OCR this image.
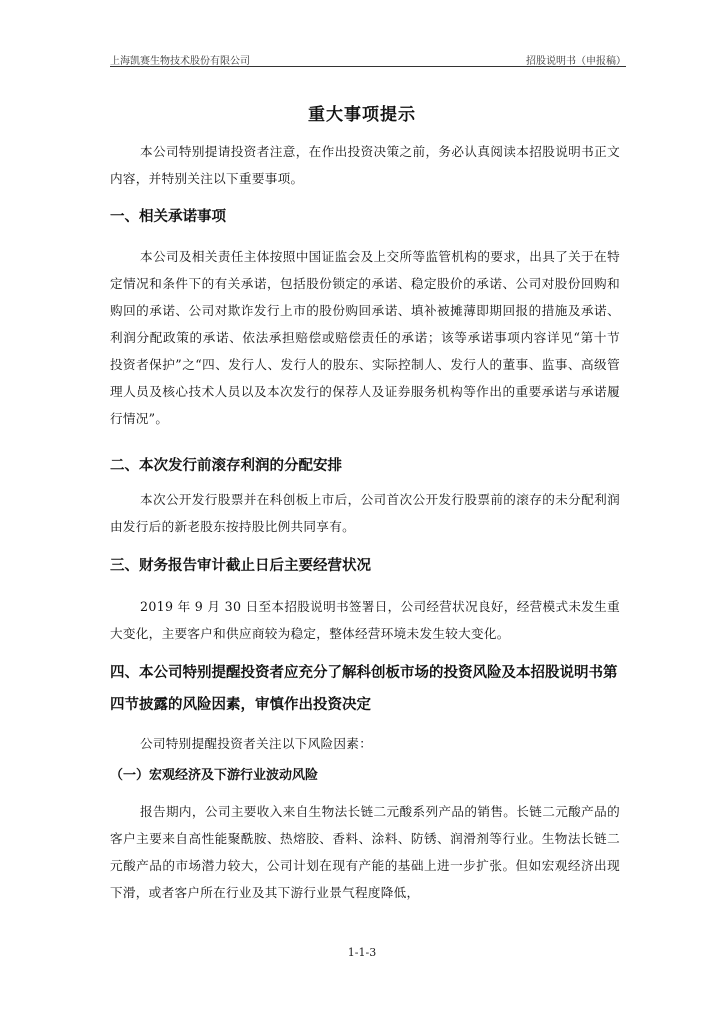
上海凯赛生物技术股份有限公司	招股说明书（申报稿）
重大事项提示
本公司特别提请投资者注意，在作出投资决策之前，务必认真阅读本招股说明书正文内容，并特别关注以下重要事项。
一、相关承诺事项
本公司及相关责任主体按照中国证监会及上交所等监管机构的要求，出具了关于在特定情况和条件下的有关承诺，包括股份锁定的承诺、稳定股价的承诺、公司对股份回购和购回的承诺、公司对欺诈发行上市的股份购回承诺、填补被摊薄即期回报的措施及承诺、利润分配政策的承诺、依法承担赔偿或赔偿责任的承诺；该等承诺事项内容详见“第十节 投资者保护”之“四、发行人、发行人的股东、实际控制人、发行人的董事、监事、高级管理人员及核心技术人员以及本次发行的保荐人及证券服务机构等作出的重要承诺与承诺履行情况”。
二、本次发行前滚存利润的分配安排
本次公开发行股票并在科创板上市后，公司首次公开发行股票前的滚存的未分配利润由发行后的新老股东按持股比例共同享有。
三、财务报告审计截止日后主要经营状况
2019 年 9 月 30 日至本招股说明书签署日，公司经营状况良好，经营模式未发生重大变化，主要客户和供应商较为稳定，整体经营环境未发生较大变化。
四、本公司特别提醒投资者应充分了解科创板市场的投资风险及本招股说明书第四节披露的风险因素，审慎作出投资决定
公司特别提醒投资者关注以下风险因素：
（一）宏观经济及下游行业波动风险
报告期内，公司主要收入来自生物法长链二元酸系列产品的销售。长链二元酸产品的客户主要来自高性能聚酰胺、热熔胶、香料、涂料、防锈、润滑剂等行业。生物法长链二元酸产品的市场潜力较大，公司计划在现有产能的基础上进一步扩张。但如宏观经济出现下滑，或者客户所在行业及其下游行业景气程度降低，
1-1-3
